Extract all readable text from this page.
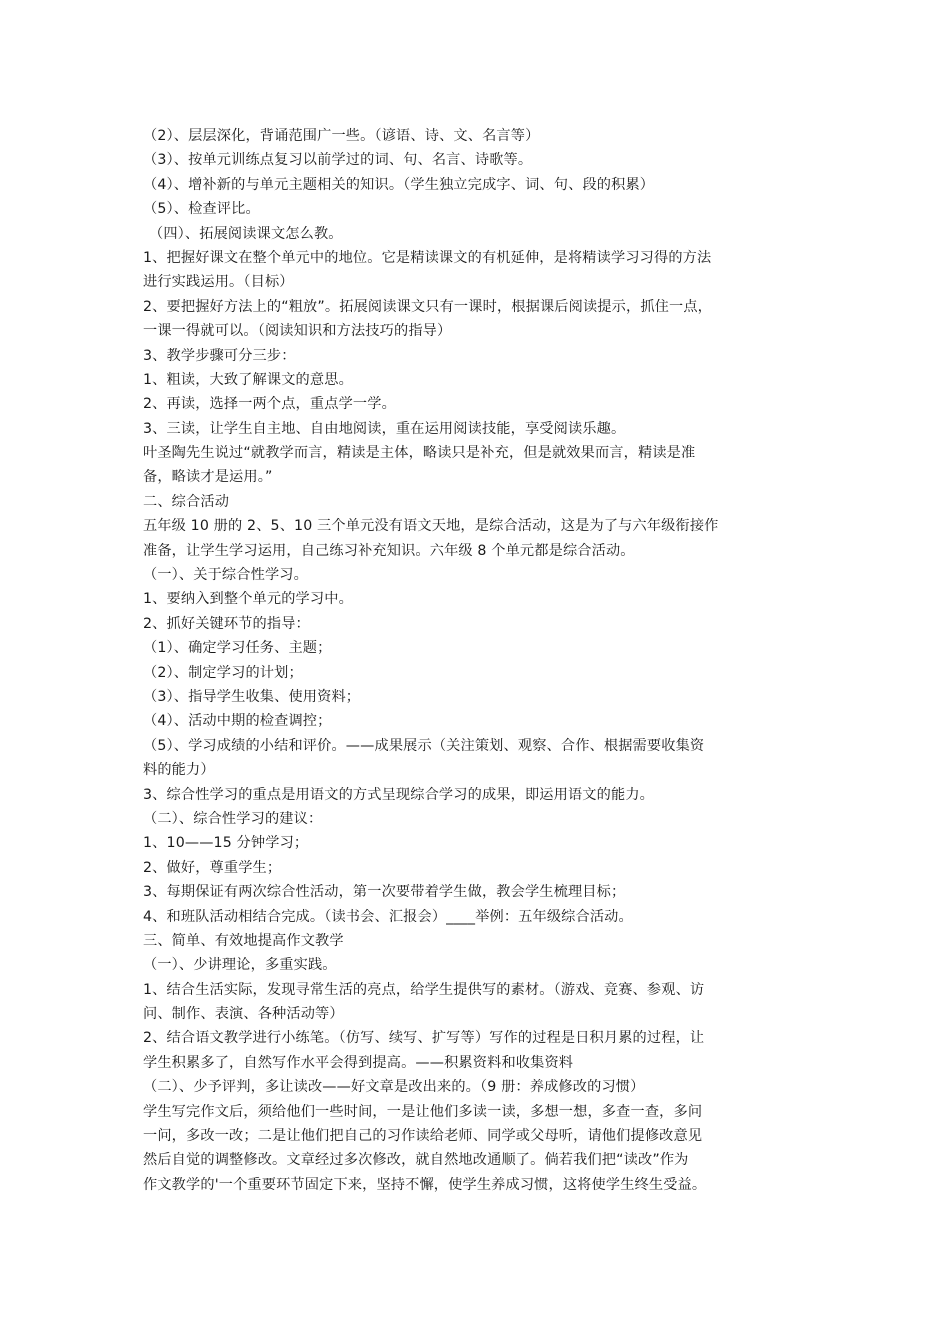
（2）、层层深化，背诵范围广一些。（谚语、诗、文、名言等）
（3）、按单元训练点复习以前学过的词、句、名言、诗歌等。
（4）、增补新的与单元主题相关的知识。（学生独立完成字、词、句、段的积累）
（5）、检查评比。
（四）、拓展阅读课文怎么教。
1、把握好课文在整个单元中的地位。它是精读课文的有机延伸，是将精读学习习得的方法
进行实践运用。（目标）
2、要把握好方法上的“粗放”。拓展阅读课文只有一课时，根据课后阅读提示，抓住一点，
一课一得就可以。（阅读知识和方法技巧的指导）
3、教学步骤可分三步：
1、粗读，大致了解课文的意思。
2、再读，选择一两个点，重点学一学。
3、三读，让学生自主地、自由地阅读，重在运用阅读技能，享受阅读乐趣。
叶圣陶先生说过“就教学而言，精读是主体，略读只是补充，但是就效果而言，精读是准
备，略读才是运用。”
二、综合活动
五年级 10 册的 2、5、10 三个单元没有语文天地，是综合活动，这是为了与六年级衔接作
准备，让学生学习运用，自己练习补充知识。六年级 8 个单元都是综合活动。
（一）、关于综合性学习。
1、要纳入到整个单元的学习中。
2、抓好关键环节的指导：
（1）、确定学习任务、主题；
（2）、制定学习的计划；
（3）、指导学生收集、使用资料；
（4）、活动中期的检查调控；
（5）、学习成绩的小结和评价。——成果展示（关注策划、观察、合作、根据需要收集资
料的能力）
3、综合性学习的重点是用语文的方式呈现综合学习的成果，即运用语文的能力。
（二）、综合性学习的建议：
1、10——15 分钟学习；
2、做好，尊重学生；
3、每期保证有两次综合性活动，第一次要带着学生做，教会学生梳理目标；
4、和班队活动相结合完成。（读书会、汇报会）____举例：五年级综合活动。
三、简单、有效地提高作文教学
（一）、少讲理论，多重实践。
1、结合生活实际，发现寻常生活的亮点，给学生提供写的素材。（游戏、竞赛、参观、访
问、制作、表演、各种活动等）
2、结合语文教学进行小练笔。（仿写、续写、扩写等）写作的过程是日积月累的过程，让
学生积累多了，自然写作水平会得到提高。——积累资料和收集资料
（二）、少予评判，多让读改——好文章是改出来的。（9 册：养成修改的习惯）
学生写完作文后，须给他们一些时间，一是让他们多读一读，多想一想，多查一查，多问
一问，多改一改；二是让他们把自己的习作读给老师、同学或父母听，请他们提修改意见
然后自觉的调整修改。文章经过多次修改，就自然地改通顺了。倘若我们把“读改”作为
作文教学的'一个重要环节固定下来，坚持不懈，使学生养成习惯，这将使学生终生受益。
